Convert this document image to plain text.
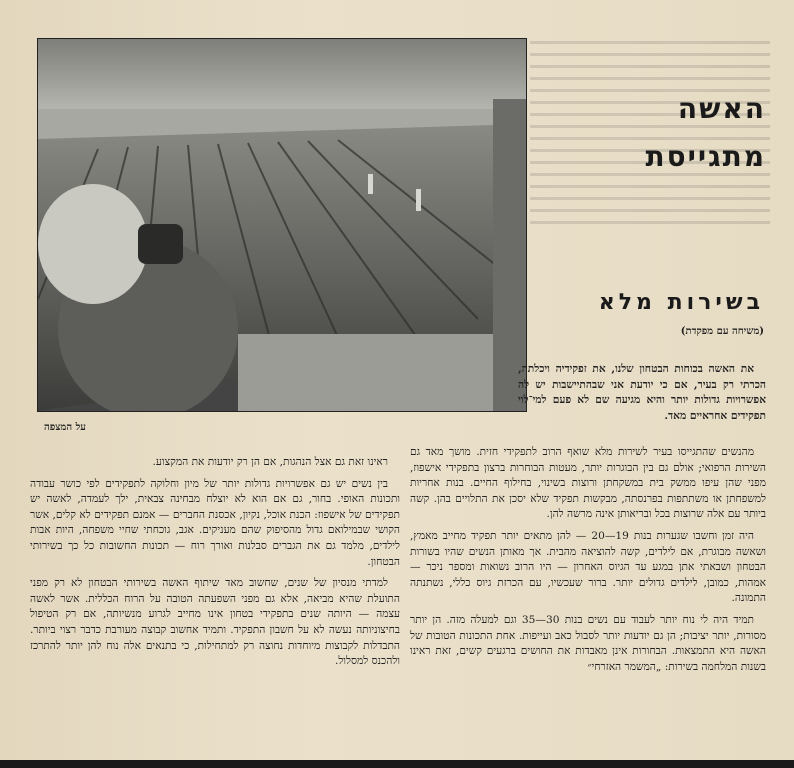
על המצפה
האשה
מתגייסת
בשירות מלא
(משיחה עם מפקדת)

את האשה בכוחות הבטחון שלנו, את זפקידיה ויכלתה, הכרתי רק בעיר, אם כי יודעת אני שבהתיישבות יש לה אפשרויות גדולות יותר והיא מגיעה שם לא פעם למי־לוי תפקידים אחראיים מאד.

מהנשים שהתגייסו בעיר לשירות מלא שואף הרוב לתפקידי חזית. מושך מאד גם השירות הרפואי; אולם גם בין הבוגרות יותר, מעטות הבוחרות ברצון בתפקידי אישפוז, מפני שהן עיפו ממשק בית במשקחתן ורוצות בשינוי, בחילוף החיים. בנות אחריות למשפחתן או משתתפות בפרנסתה, מבקשות תפקיד שלא יסכן את התלויים בהן. קשה ביותר עם אלה שרוצות בכל ובריאותן אינה מרשה להן.

היה זמן וחשבו שגערות בנות 19—20 — להן מתאים יותר תפקיד מחייב מאמץ, ושאשה מבוגרת, אם לילדים, קשה להוציאה מהבית. אך מאותן הנשים שהיו בשורות הבטחון ושבאתי אתן במגע עד הגיוס האחרון — היו הרוב נשואות ומספר ניכר — אמהות, כמובן, לילדים גדולים יותר. ברור שעכשיו, עם הכרזת גיוס כללי, נשתנתה התמונה.

תמיד היה לי נוח יותר לעבוד עם נשים בנות 30—35 וגם למעלה מזה. הן יותר מסורות, יותר יציבות; הן גם יודעות יותר לסבול כאב ועייפות. אחת התכונות הטובות של האשה היא התמצאות. הבחורות אינן מאבדות את החושים ברגעים קשים, זאת ראינו בשנות המלחמה בשירות: „המשמר האזרחי״

ראינו זאת גם אצל הנהגות, אם הן רק יודעות את המקצוע.

בין נשים יש גם אפשרויות גדולות יותר של מיון וחלוקה לתפקידים לפי כושר עבודה ותכונות האופי. בחור, גם אם הוא לא יוצלח מבחינה צבאית, ילך לעמדה, לאשה יש תפקידים של אישפוז: הכנת אוכל, נקיון, אכסנת החברים — אמנם תפקידים לא קלים, אשר הקושי שבמילואם גדול מהסיפוק שהם מעניקים. אגב, גוכחתי שחיי משפחה, היות אבות לילדים, מלמד גם את הגברים סבלנות ואורך רוח — תכונות החשובות כל כך בשירותי הבטחון.

למדתי מנסיון של שנים, שחשוב מאד שיתוף האשה בשירותי הבטחון לא רק מפני התועלת שהיא מביאה, אלא גם מפני השפעתה הטובה על הרוח הכללית. אשר לאשה עצמה — היותה שנים בתפקידי בטחון אינו מחייב לגרוע מנשיותה, אם רק הטיפול בחיצוניותה נעשה לא על חשבון התפקיד. ותמיד אחשוב קבוצה מעורבת כדבר רצוי ביותר. התבדלות לקבוצות מיוחדות נחוצה רק למתחילות, כי בתנאים אלה נוח להן יותר להתרכז ולהכנס למסלול.
